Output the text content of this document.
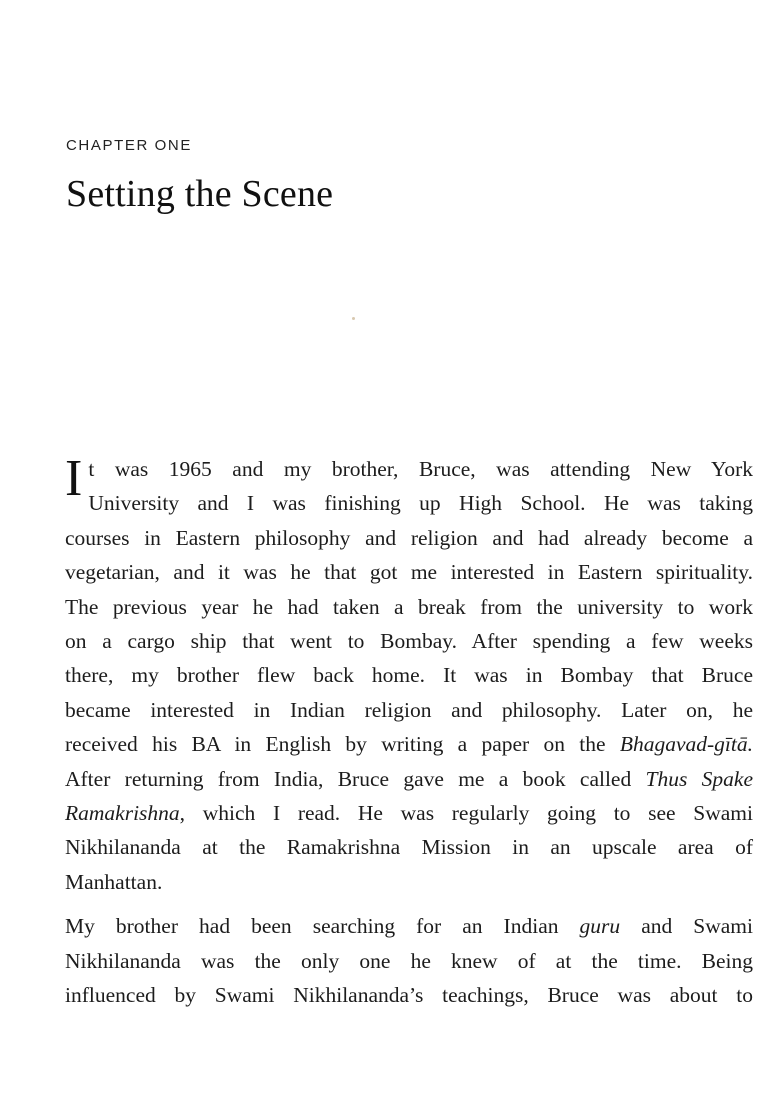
CHAPTER ONE

Setting the Scene
I t was 1965 and my brother, Bruce, was attending New York
University and I was finishing up High School. He was taking
courses in Eastern philosophy and religion and had already become a
vegetarian, and it was he that got me interested in Eastern spirituality.
The previous year he had taken a break from the university to work
on a cargo ship that went to Bombay. After spending a few weeks
there, my brother flew back home. It was in Bombay that Bruce
became interested in Indian religion and philosophy. Later on, he
received his BA in English by writing a paper on the Bhagavad-gītā.
After returning from India, Bruce gave me a book called Thus Spake
Ramakrishna, which I read. He was regularly going to see Swami
Nikhilananda at the Ramakrishna Mission in an upscale area of
Manhattan.
My brother had been searching for an Indian guru and Swami
Nikhilananda was the only one he knew of at the time. Being
influenced by Swami Nikhilananda’s teachings, Bruce was about to
